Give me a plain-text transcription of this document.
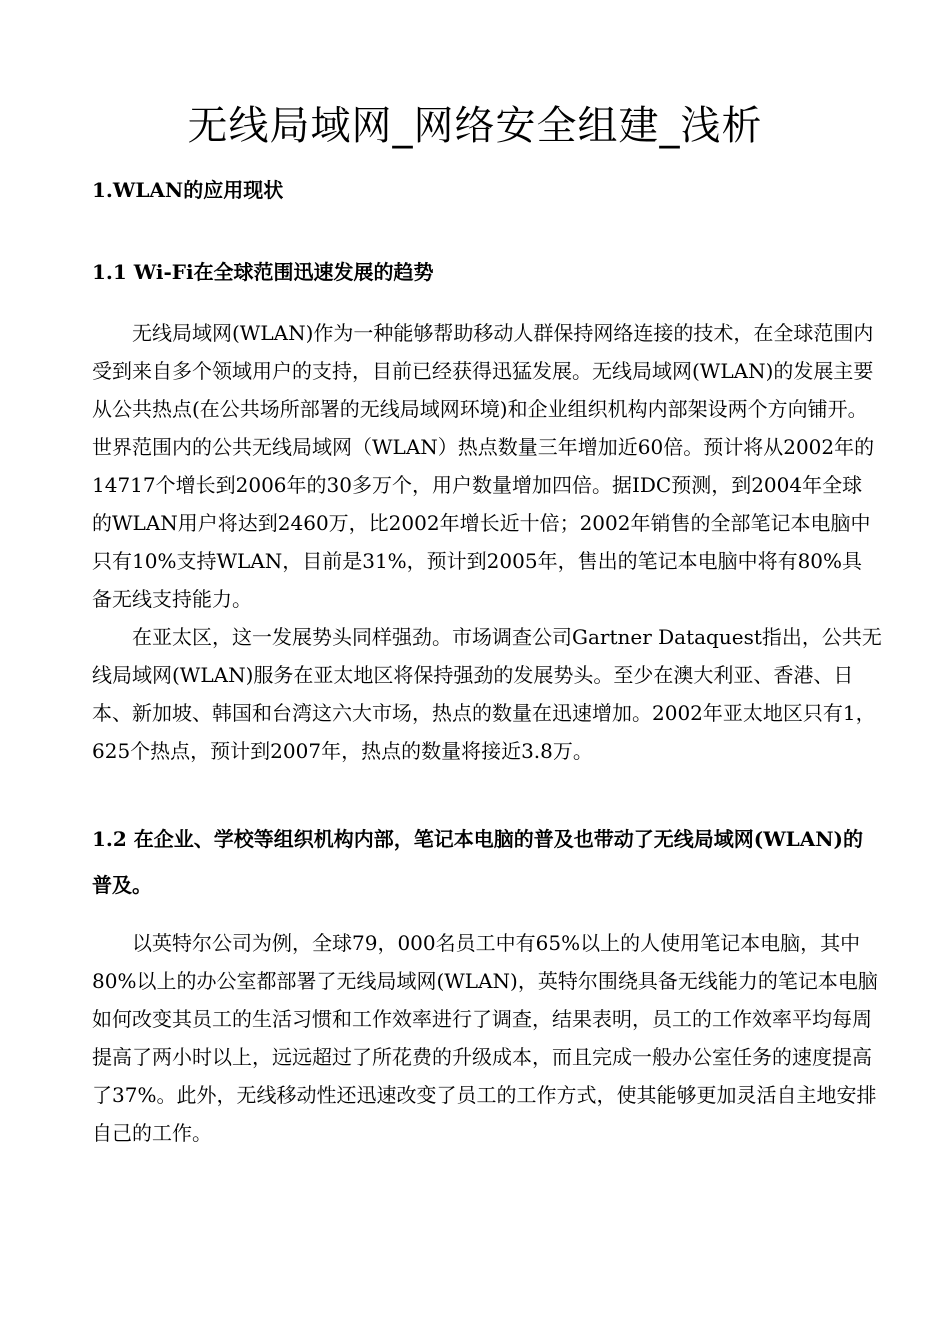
无线局域网_网络安全组建_浅析
1.WLAN的应用现状
1.1 Wi-Fi在全球范围迅速发展的趋势

无线局域网(WLAN)作为一种能够帮助移动人群保持网络连接的技术，在全球范围内受到来自多个领域用户的支持，目前已经获得迅猛发展。无线局域网(WLAN)的发展主要从公共热点(在公共场所部署的无线局域网环境)和企业组织机构内部架设两个方向铺开。世界范围内的公共无线局域网（WLAN）热点数量三年增加近60倍。预计将从2002年的14717个增长到2006年的30多万个，用户数量增加四倍。据IDC预测，到2004年全球的WLAN用户将达到2460万，比2002年增长近十倍；2002年销售的全部笔记本电脑中只有10%支持WLAN，目前是31%，预计到2005年，售出的笔记本电脑中将有80%具备无线支持能力。

在亚太区，这一发展势头同样强劲。市场调查公司Gartner Dataquest指出，公共无线局域网(WLAN)服务在亚太地区将保持强劲的发展势头。至少在澳大利亚、香港、日本、新加坡、韩国和台湾这六大市场，热点的数量在迅速增加。2002年亚太地区只有1，625个热点，预计到2007年，热点的数量将接近3.8万。

1.2 在企业、学校等组织机构内部，笔记本电脑的普及也带动了无线局域网(WLAN)的普及。

以英特尔公司为例，全球79，000名员工中有65%以上的人使用笔记本电脑，其中80%以上的办公室都部署了无线局域网(WLAN)，英特尔围绕具备无线能力的笔记本电脑如何改变其员工的生活习惯和工作效率进行了调查，结果表明，员工的工作效率平均每周提高了两小时以上，远远超过了所花费的升级成本，而且完成一般办公室任务的速度提高了37%。此外，无线移动性还迅速改变了员工的工作方式，使其能够更加灵活自主地安排自己的工作。
